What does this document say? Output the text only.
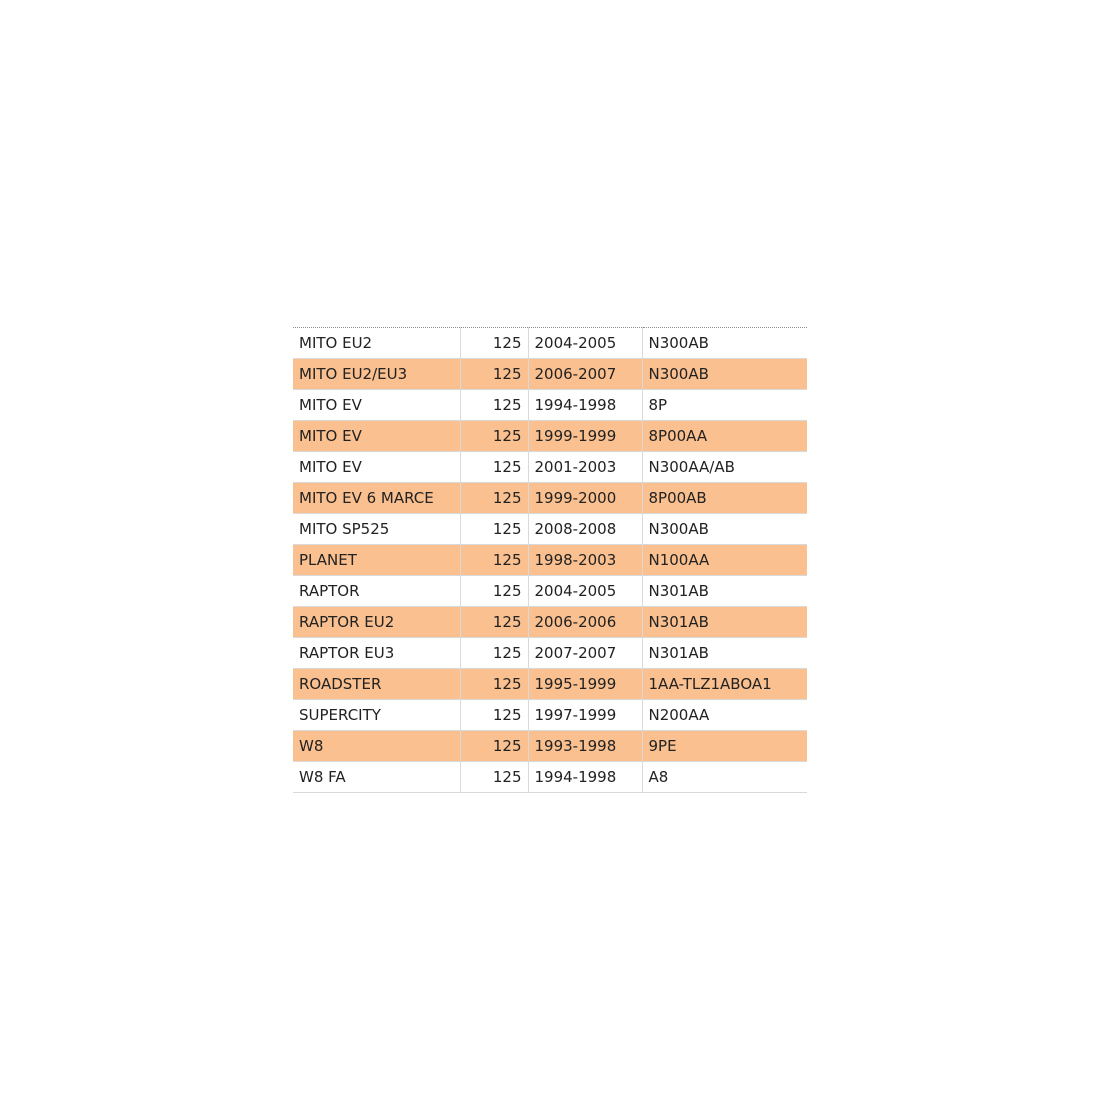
MITO EU2	125	2004-2005	N300AB
MITO EU2/EU3	125	2006-2007	N300AB
MITO EV	125	1994-1998	8P
MITO EV	125	1999-1999	8P00AA
MITO EV	125	2001-2003	N300AA/AB
MITO EV 6 MARCE	125	1999-2000	8P00AB
MITO SP525	125	2008-2008	N300AB
PLANET	125	1998-2003	N100AA
RAPTOR	125	2004-2005	N301AB
RAPTOR EU2	125	2006-2006	N301AB
RAPTOR EU3	125	2007-2007	N301AB
ROADSTER	125	1995-1999	1AA-TLZ1ABOA1
SUPERCITY	125	1997-1999	N200AA
W8	125	1993-1998	9PE
W8 FA	125	1994-1998	A8
